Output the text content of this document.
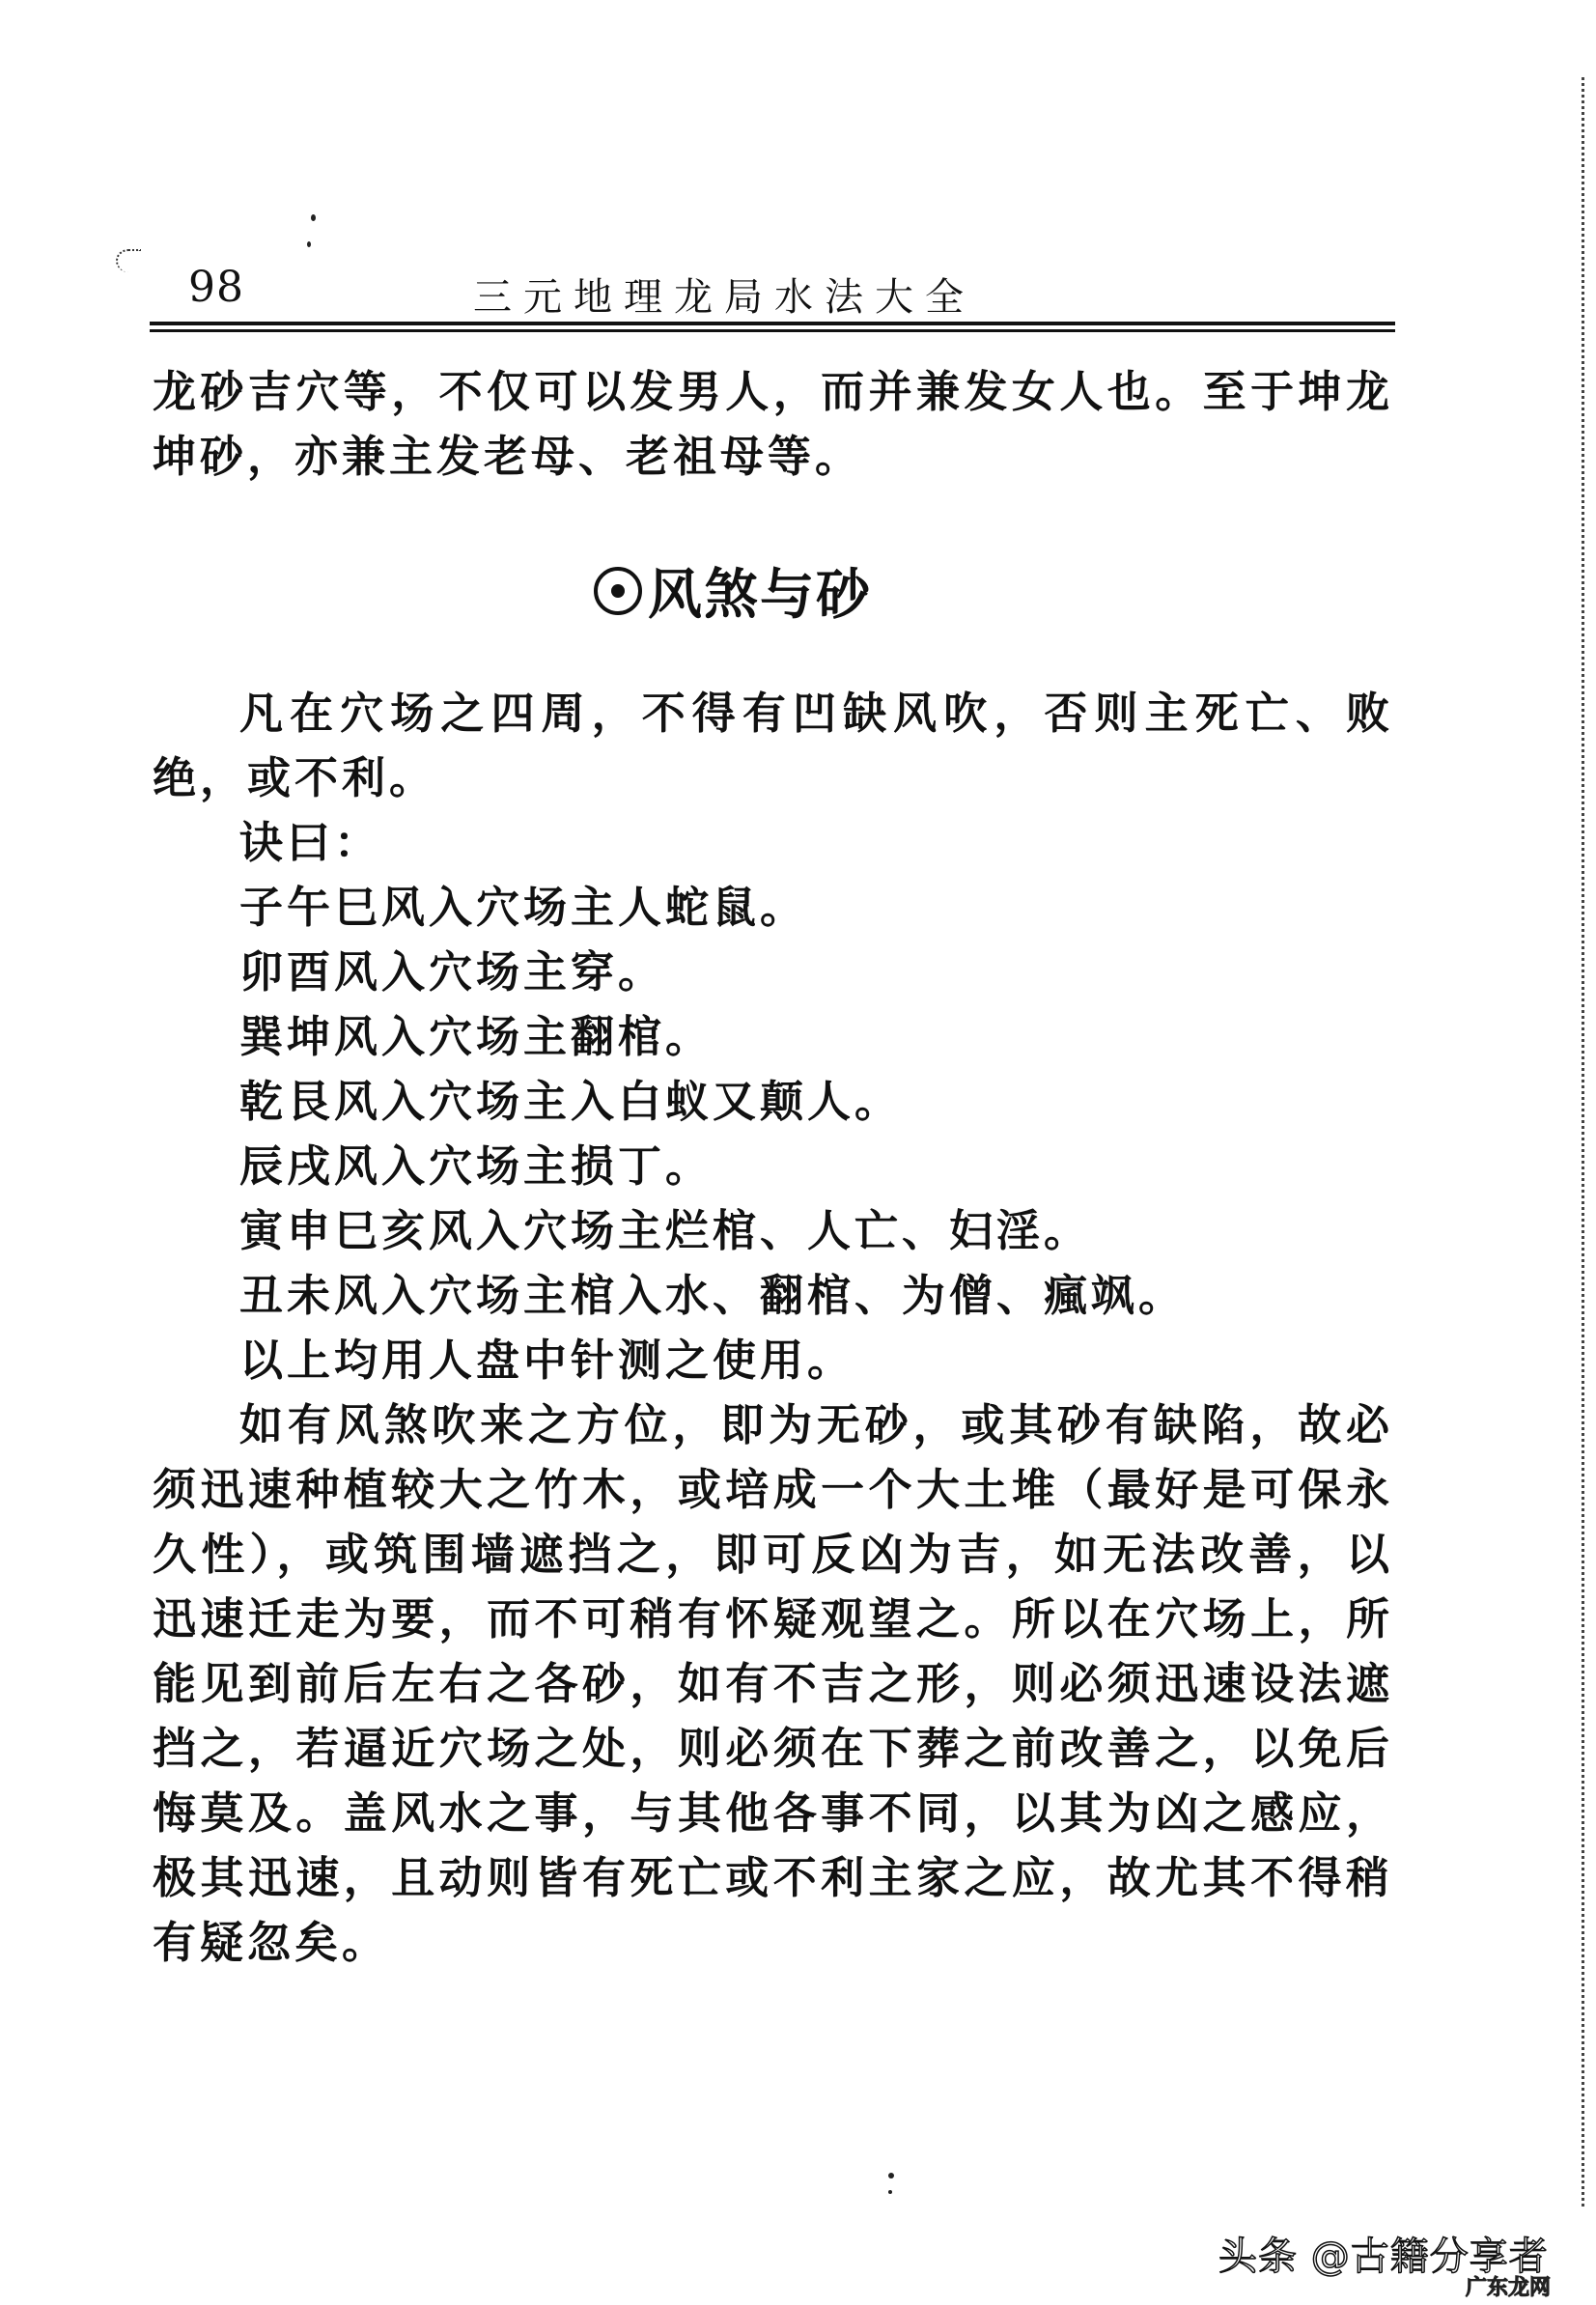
98	三元地理龙局水法大全

龙砂吉穴等，不仅可以发男人，而并兼发女人也。至于坤龙坤砂，亦兼主发老母、老祖母等。

风煞与砂

凡在穴场之四周，不得有凹缺风吹，否则主死亡、败绝，或不利。

诀曰：

子午巳风入穴场主人蛇鼠。

卯酉风入穴场主穿。

巽坤风入穴场主翻棺。

乾艮风入穴场主入白蚁又颠人。

辰戌风入穴场主损丁。

寅申巳亥风入穴场主烂棺、人亡、妇淫。

丑未风入穴场主棺入水、翻棺、为僧、瘋飒。

以上均用人盘中针测之使用。

如有风煞吹来之方位，即为无砂，或其砂有缺陷，故必须迅速种植较大之竹木，或培成一个大土堆（最好是可保永久性），或筑围墙遮挡之，即可反凶为吉，如无法改善，以迅速迁走为要，而不可稍有怀疑观望之。所以在穴场上，所能见到前后左右之各砂，如有不吉之形，则必须迅速设法遮挡之，若逼近穴场之处，则必须在下葬之前改善之，以免后悔莫及。盖风水之事，与其他各事不同，以其为凶之感应，极其迅速，且动则皆有死亡或不利主家之应，故尤其不得稍有疑忽矣。

头条 @古籍分享者
广东龙网
